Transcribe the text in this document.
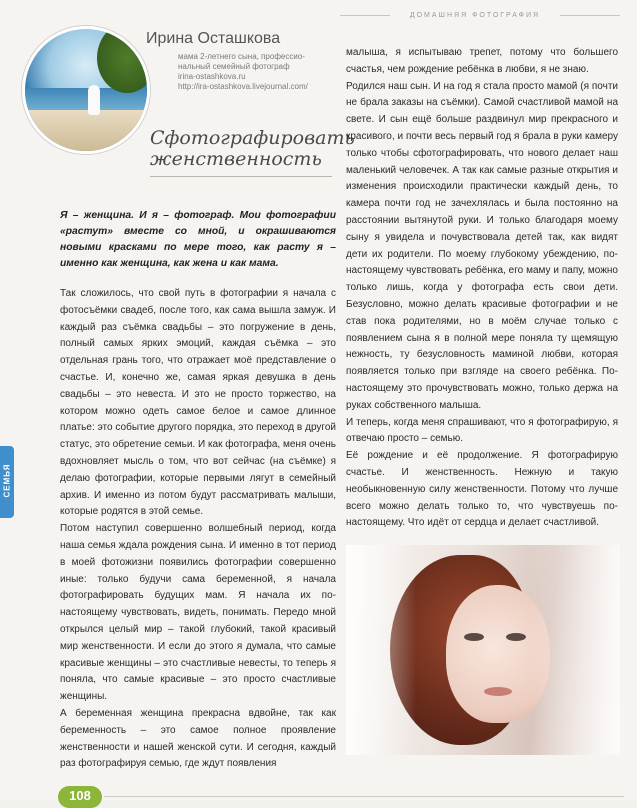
ДОМАШНЯЯ ФОТОГРАФИЯ
Ирина Осташкова
мама 2-летнего сына, профессио-
нальный семейный фотограф
irina-ostashkova.ru
http://ira-ostashkova.livejournal.com/
Сфотографировать
женственность
Я – женщина. И я – фотограф. Мои фотографии «растут» вместе со мной, и окрашиваются новыми красками по мере того, как расту я – именно как женщина, как жена и как мама.

Так сложилось, что свой путь в фотографии я начала с фотосъёмки свадеб, после того, как сама вышла замуж. И каждый раз съёмка свадьбы – это погружение в день, полный самых ярких эмоций, каждая съёмка – это отдельная грань того, что отражает моё представление о счастье. И, конечно же, самая яркая девушка в день свадьбы – это невеста. И это не просто торжество, на котором можно одеть самое белое и самое длинное платье: это событие другого порядка, это переход в другой статус, это обретение семьи. И как фотографа, меня очень вдохновляет мысль о том, что вот сейчас (на съёмке) я делаю фотографии, которые первыми лягут в семейный архив. И именно из потом будут рассматривать малыши, которые родятся в этой семье.

Потом наступил совершенно волшебный период, когда наша семья ждала рождения сына. И именно в тот период в моей фотожизни появились фотографии совершенно иные: только будучи сама беременной, я начала фотографировать будущих мам. Я начала их по-настоящему чувствовать, видеть, понимать. Передо мной открылся целый мир – такой глубокий, такой красивый мир женственности. И если до этого я думала, что самые красивые женщины – это счастливые невесты, то теперь я поняла, что самые красивые – это просто счастливые женщины.

А беременная женщина прекрасна вдвойне, так как беременность – это самое полное проявление женственности и нашей женской сути. И сегодня, каждый раз фотографируя семью, где ждут появления

малыша, я испытываю трепет, потому что большего счастья, чем рождение ребёнка в любви, я не знаю.

Родился наш сын. И на год я стала просто мамой (я почти не брала заказы на съёмки). Самой счастливой мамой на свете. И сын ещё больше раздвинул мир прекрасного и красивого, и почти весь первый год я брала в руки камеру только чтобы сфотографировать, что нового делает наш маленький человечек. А так как самые разные открытия и изменения происходили практически каждый день, то камера почти год не зачехлялась и была постоянно на расстоянии вытянутой руки. И только благодаря моему сыну я увидела и почувствовала детей так, как видят дети их родители. По моему глубокому убеждению, по-настоящему чувствовать ребёнка, его маму и папу, можно только лишь, когда у фотографа есть свои дети. Безусловно, можно делать красивые фотографии и не став пока родителями, но в моём случае только с появлением сына я в полной мере поняла ту щемящую нежность, ту безусловность маминой любви, которая появляется только при взгляде на своего ребёнка. По-настоящему это прочувствовать можно, только держа на руках собственного малыша.

И теперь, когда меня спрашивают, что я фотографирую, я отвечаю просто – семью.

Её рождение и её продолжение. Я фотографирую счастье. И женственность. Нежную и такую необыкновенную силу женственности. Потому что лучше всего можно делать только то, что чувствуешь по-настоящему. Что идёт от сердца и делает счастливой.

СЕМЬЯ
108
